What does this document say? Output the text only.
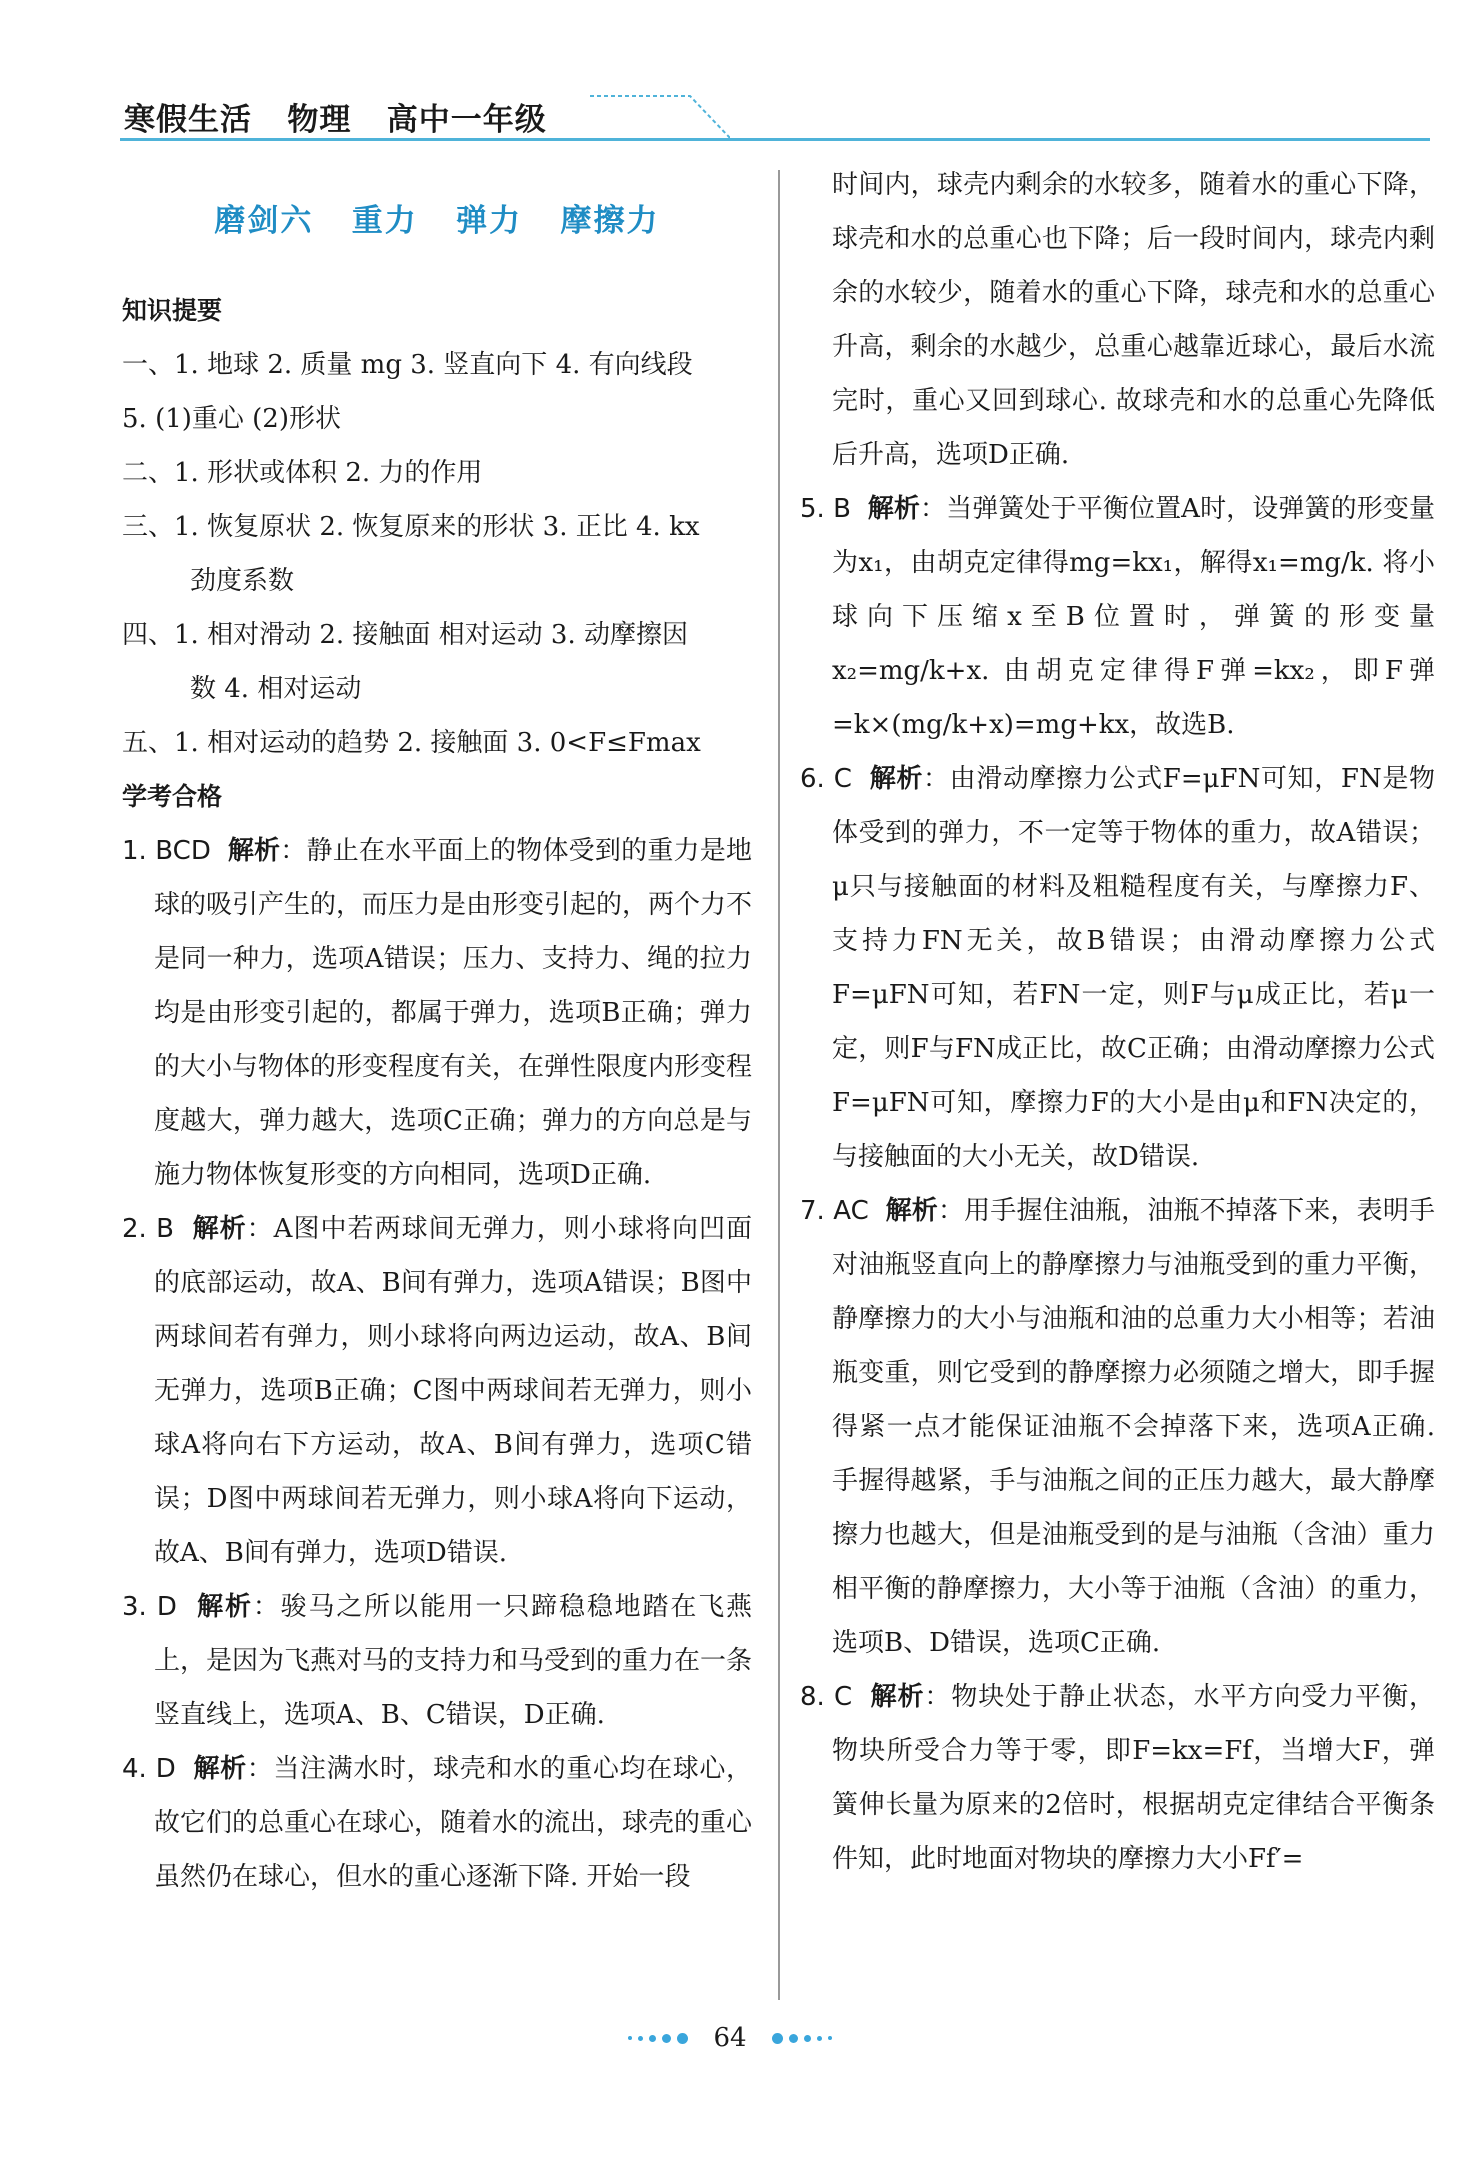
寒假生活   物理   高中一年级
磨剑六   重力   弹力   摩擦力

知识提要

一、1. 地球 2. 质量 mg 3. 竖直向下 4. 有向线段

5. (1)重心 (2)形状

二、1. 形状或体积 2. 力的作用

三、1. 恢复原状 2. 恢复原来的形状 3. 正比 4. kx

劲度系数

四、1. 相对滑动 2. 接触面 相对运动 3. 动摩擦因

数 4. 相对运动

五、1. 相对运动的趋势 2. 接触面 3. 0<F≤Fmax

学考合格

1. BCD 解析：静止在水平面上的物体受到的重力是地球的吸引产生的，而压力是由形变引起的，两个力不是同一种力，选项A错误；压力、支持力、绳的拉力均是由形变引起的，都属于弹力，选项B正确；弹力的大小与物体的形变程度有关，在弹性限度内形变程度越大，弹力越大，选项C正确；弹力的方向总是与施力物体恢复形变的方向相同，选项D正确.

2. B 解析：A图中若两球间无弹力，则小球将向凹面的底部运动，故A、B间有弹力，选项A错误；B图中两球间若有弹力，则小球将向两边运动，故A、B间无弹力，选项B正确；C图中两球间若无弹力，则小球A将向右下方运动，故A、B间有弹力，选项C错误；D图中两球间若无弹力，则小球A将向下运动，故A、B间有弹力，选项D错误.

3. D 解析：骏马之所以能用一只蹄稳稳地踏在飞燕上，是因为飞燕对马的支持力和马受到的重力在一条竖直线上，选项A、B、C错误，D正确.

4. D 解析：当注满水时，球壳和水的重心均在球心，故它们的总重心在球心，随着水的流出，球壳的重心虽然仍在球心，但水的重心逐渐下降. 开始一段

时间内，球壳内剩余的水较多，随着水的重心下降，球壳和水的总重心也下降；后一段时间内，球壳内剩余的水较少，随着水的重心下降，球壳和水的总重心升高，剩余的水越少，总重心越靠近球心，最后水流完时，重心又回到球心. 故球壳和水的总重心先降低后升高，选项D正确.

5. B 解析：当弹簧处于平衡位置A时，设弹簧的形变量为x₁，由胡克定律得mg=kx₁，解得x₁=mg/k. 将小球向下压缩x至B位置时，弹簧的形变量x₂=mg/k+x. 由胡克定律得F弹=kx₂，即F弹=k×(mg/k+x)=mg+kx，故选B.

6. C 解析：由滑动摩擦力公式F=μFN可知，FN是物体受到的弹力，不一定等于物体的重力，故A错误；μ只与接触面的材料及粗糙程度有关，与摩擦力F、支持力FN无关，故B错误；由滑动摩擦力公式F=μFN可知，若FN一定，则F与μ成正比，若μ一定，则F与FN成正比，故C正确；由滑动摩擦力公式F=μFN可知，摩擦力F的大小是由μ和FN决定的，与接触面的大小无关，故D错误.

7. AC 解析：用手握住油瓶，油瓶不掉落下来，表明手对油瓶竖直向上的静摩擦力与油瓶受到的重力平衡，静摩擦力的大小与油瓶和油的总重力大小相等；若油瓶变重，则它受到的静摩擦力必须随之增大，即手握得紧一点才能保证油瓶不会掉落下来，选项A正确. 手握得越紧，手与油瓶之间的正压力越大，最大静摩擦力也越大，但是油瓶受到的是与油瓶（含油）重力相平衡的静摩擦力，大小等于油瓶（含油）的重力，选项B、D错误，选项C正确.

8. C 解析：物块处于静止状态，水平方向受力平衡，物块所受合力等于零，即F=kx=Ff，当增大F，弹簧伸长量为原来的2倍时，根据胡克定律结合平衡条件知，此时地面对物块的摩擦力大小Ff′=

64
